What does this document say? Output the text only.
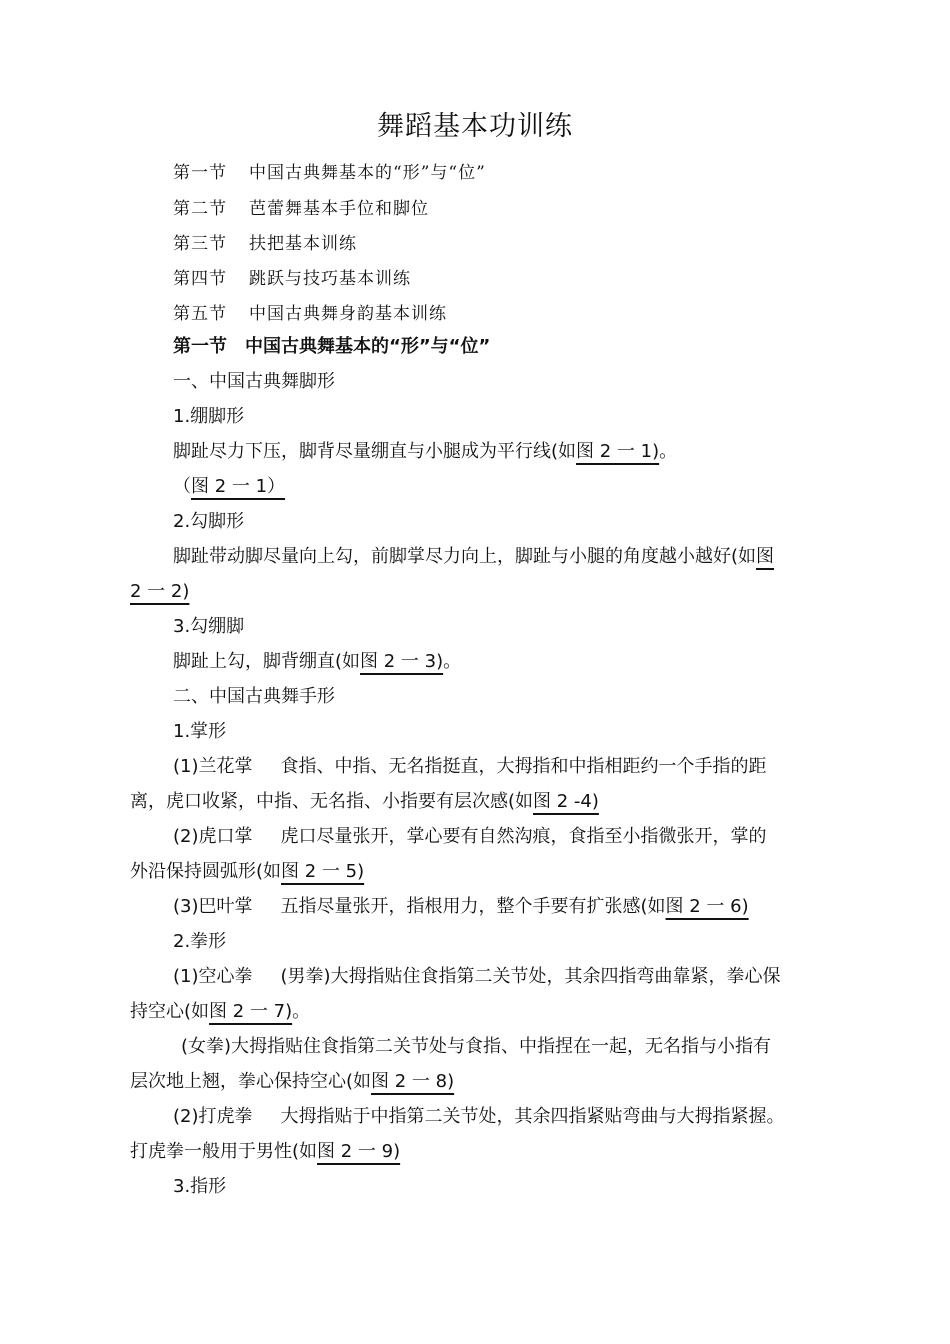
舞蹈基本功训练
第一节 中国古典舞基本的“形”与“位”
第二节 芭蕾舞基本手位和脚位
第三节 扶把基本训练
第四节 跳跃与技巧基本训练
第五节 中国古典舞身韵基本训练
第一节　中国古典舞基本的“形”与“位”
一、中国古典舞脚形
1.绷脚形
脚趾尽力下压，脚背尽量绷直与小腿成为平行线(如图 2 一 1)。
（图 2 一 1）
2.勾脚形
脚趾带动脚尽量向上勾，前脚掌尽力向上，脚趾与小腿的角度越小越好(如图
2 一 2)
3.勾绷脚
脚趾上勾，脚背绷直(如图 2 一 3)。
二、中国古典舞手形
1.掌形
(1)兰花掌 食指、中指、无名指挺直，大拇指和中指相距约一个手指的距
离，虎口收紧，中指、无名指、小指要有层次感(如图 2 -4)
(2)虎口掌 虎口尽量张开，掌心要有自然沟痕，食指至小指微张开，掌的
外沿保持圆弧形(如图 2 一 5)
(3)巴叶掌 五指尽量张开，指根用力，整个手要有扩张感(如图 2 一 6)
2.拳形
(1)空心拳 (男拳)大拇指贴住食指第二关节处，其余四指弯曲靠紧，拳心保
持空心(如图 2 一 7)。
(女拳)大拇指贴住食指第二关节处与食指、中指捏在一起，无名指与小指有
层次地上翘，拳心保持空心(如图 2 一 8)
(2)打虎拳 大拇指贴于中指第二关节处，其余四指紧贴弯曲与大拇指紧握。
打虎拳一般用于男性(如图 2 一 9)
3.指形
